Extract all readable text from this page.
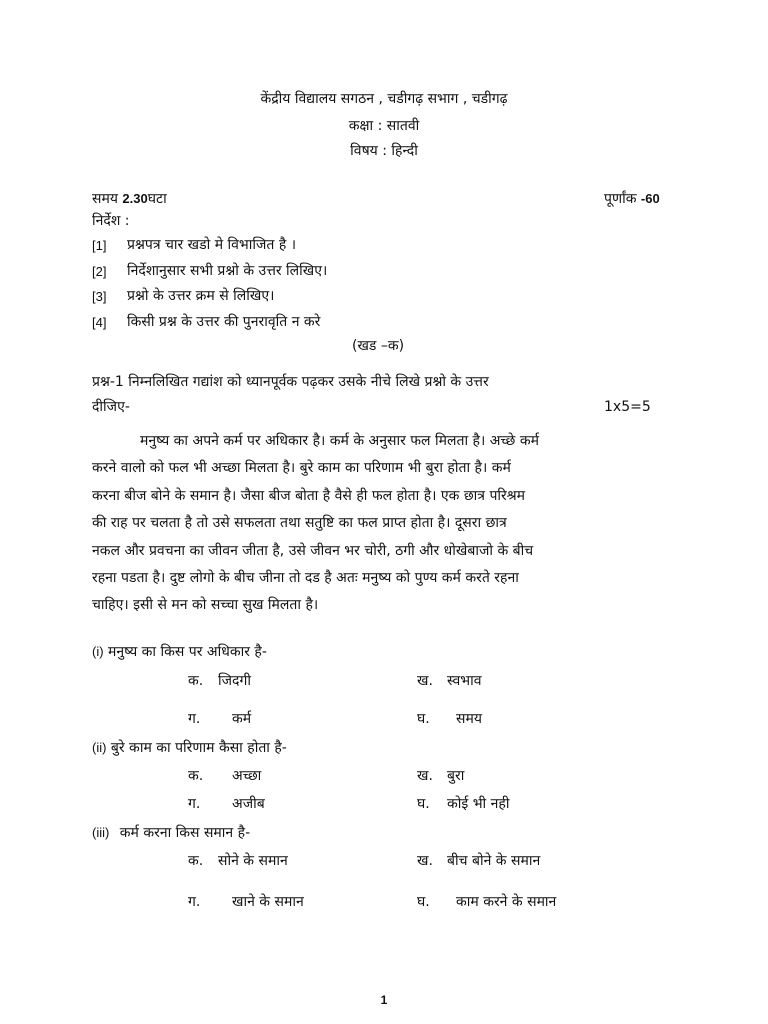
केंद्रीय विद्यालय सगठन , चडीगढ़ सभाग , चडीगढ़
कक्षा : सातवी
विषय : हिन्दी
समय 2.30घटा	पूर्णांक -60
निर्देश :
[1] प्रश्नपत्र चार खडो मे विभाजित है ।
[2] निर्देशानुसार सभी प्रश्नो के उत्तर लिखिए।
[3] प्रश्नो के उत्तर क्रम से लिखिए।
[4] किसी प्रश्न के उत्तर की पुनरावृति न करे
(खड –क)
प्रश्न-1 निम्नलिखित गद्यांश को ध्यानपूर्वक पढ़कर उसके नीचे लिखे प्रश्नो के उत्तर
दीजिए-	1x5=5
मनुष्य का अपने कर्म पर अधिकार है। कर्म के अनुसार फल मिलता है। अच्छे कर्म
करने वालो को फल भी अच्छा मिलता है। बुरे काम का परिणाम भी बुरा होता है। कर्म
करना बीज बोने के समान है। जैसा बीज बोता है वैसे ही फल होता है। एक छात्र परिश्रम
की राह पर चलता है तो उसे सफलता तथा सतुष्टि का फल प्राप्त होता है। दूसरा छात्र
नकल और प्रवचना का जीवन जीता है, उसे जीवन भर चोरी, ठगी और धोखेबाजो के बीच
रहना पडता है। दुष्ट लोगो के बीच जीना तो दड है अतः मनुष्य को पुण्य कर्म करते रहना
चाहिए। इसी से मन को सच्चा सुख मिलता है।
(i) मनुष्य का किस पर अधिकार है-
क. जिदगी	ख. स्वभाव
ग. कर्म	घ. समय
(ii) बुरे काम का परिणाम कैसा होता है-
क. अच्छा	ख. बुरा
ग. अजीब	घ. कोई भी नही
(iii) कर्म करना किस समान है-
क. सोने के समान	ख. बीच बोने के समान
ग. खाने के समान	घ. काम करने के समान
1
